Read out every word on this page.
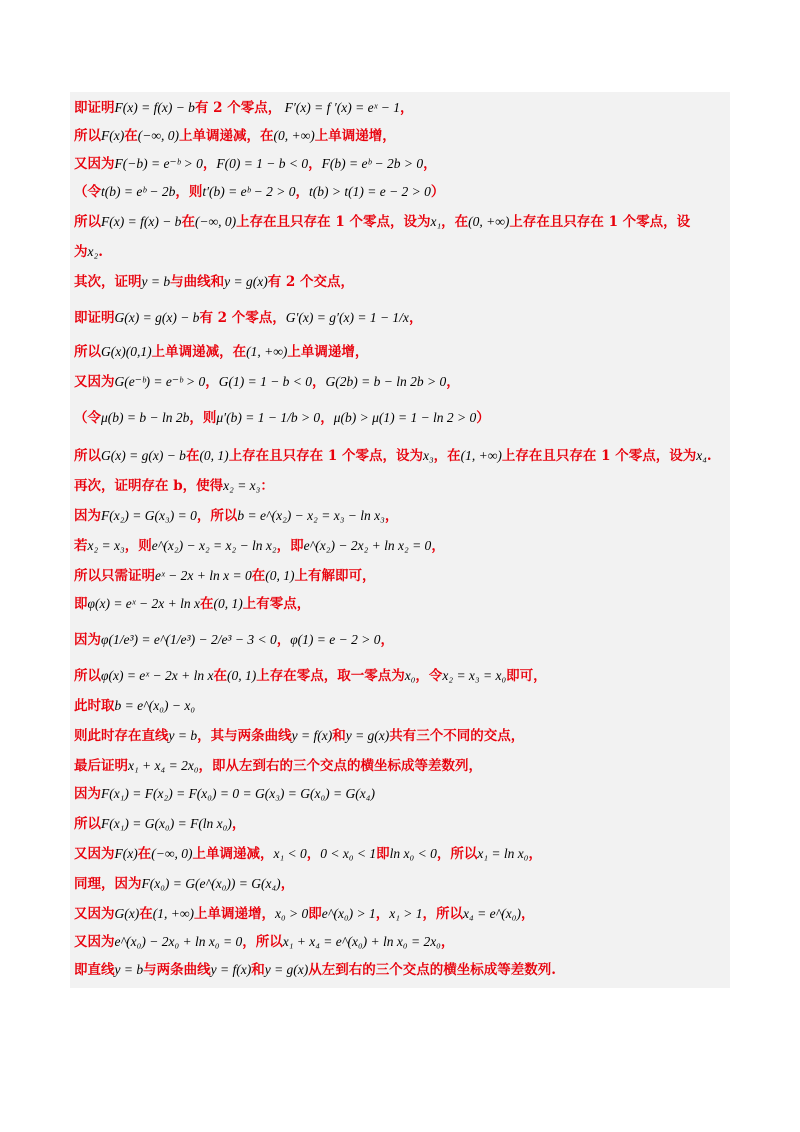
即证明F(x) = f(x) − b有 2 个零点， F′(x) = f ′(x) = eˣ − 1，
所以F(x)在(−∞, 0)上单调递减，在(0, +∞)上单调递增，
又因为F(−b) = e⁻ᵇ > 0，F(0) = 1 − b < 0，F(b) = eᵇ − 2b > 0，
（令t(b) = eᵇ − 2b，则t′(b) = eᵇ − 2 > 0，t(b) > t(1) = e − 2 > 0）
所以F(x) = f(x) − b在(−∞, 0)上存在且只存在 1 个零点，设为x₁，在(0, +∞)上存在且只存在 1 个零点，设
为x₂.
其次，证明y = b与曲线和y = g(x)有 2 个交点，
即证明G(x) = g(x) − b有 2 个零点，G′(x) = g′(x) = 1 − 1/x，
所以G(x)(0,1)上单调递减，在(1, +∞)上单调递增，
又因为G(e⁻ᵇ) = e⁻ᵇ > 0，G(1) = 1 − b < 0，G(2b) = b − ln 2b > 0，
（令μ(b) = b − ln 2b，则μ′(b) = 1 − 1/b > 0，μ(b) > μ(1) = 1 − ln 2 > 0）
所以G(x) = g(x) − b在(0, 1)上存在且只存在 1 个零点，设为x₃，在(1, +∞)上存在且只存在 1 个零点，设为x₄.
再次，证明存在 b，使得x₂ = x₃：
因为F(x₂) = G(x₃) = 0，所以b = e^(x₂) − x₂ = x₃ − ln x₃，
若x₂ = x₃，则e^(x₂) − x₂ = x₂ − ln x₂，即e^(x₂) − 2x₂ + ln x₂ = 0，
所以只需证明eˣ − 2x + ln x = 0在(0, 1)上有解即可，
即φ(x) = eˣ − 2x + ln x在(0, 1)上有零点，
因为φ(1/e³) = e^(1/e³) − 2/e³ − 3 < 0，φ(1) = e − 2 > 0，
所以φ(x) = eˣ − 2x + ln x在(0, 1)上存在零点，取一零点为x₀，令x₂ = x₃ = x₀即可，
此时取b = e^(x₀) − x₀
则此时存在直线y = b，其与两条曲线y = f(x)和y = g(x)共有三个不同的交点，
最后证明x₁ + x₄ = 2x₀，即从左到右的三个交点的横坐标成等差数列，
因为F(x₁) = F(x₂) = F(x₀) = 0 = G(x₃) = G(x₀) = G(x₄)
所以F(x₁) = G(x₀) = F(ln x₀)，
又因为F(x)在(−∞, 0)上单调递减，x₁ < 0，0 < x₀ < 1即ln x₀ < 0，所以x₁ = ln x₀，
同理，因为F(x₀) = G(e^(x₀)) = G(x₄)，
又因为G(x)在(1, +∞)上单调递增，x₀ > 0即e^(x₀) > 1，x₁ > 1，所以x₄ = e^(x₀)，
又因为e^(x₀) − 2x₀ + ln x₀ = 0，所以x₁ + x₄ = e^(x₀) + ln x₀ = 2x₀，
即直线y = b与两条曲线y = f(x)和y = g(x)从左到右的三个交点的横坐标成等差数列.
